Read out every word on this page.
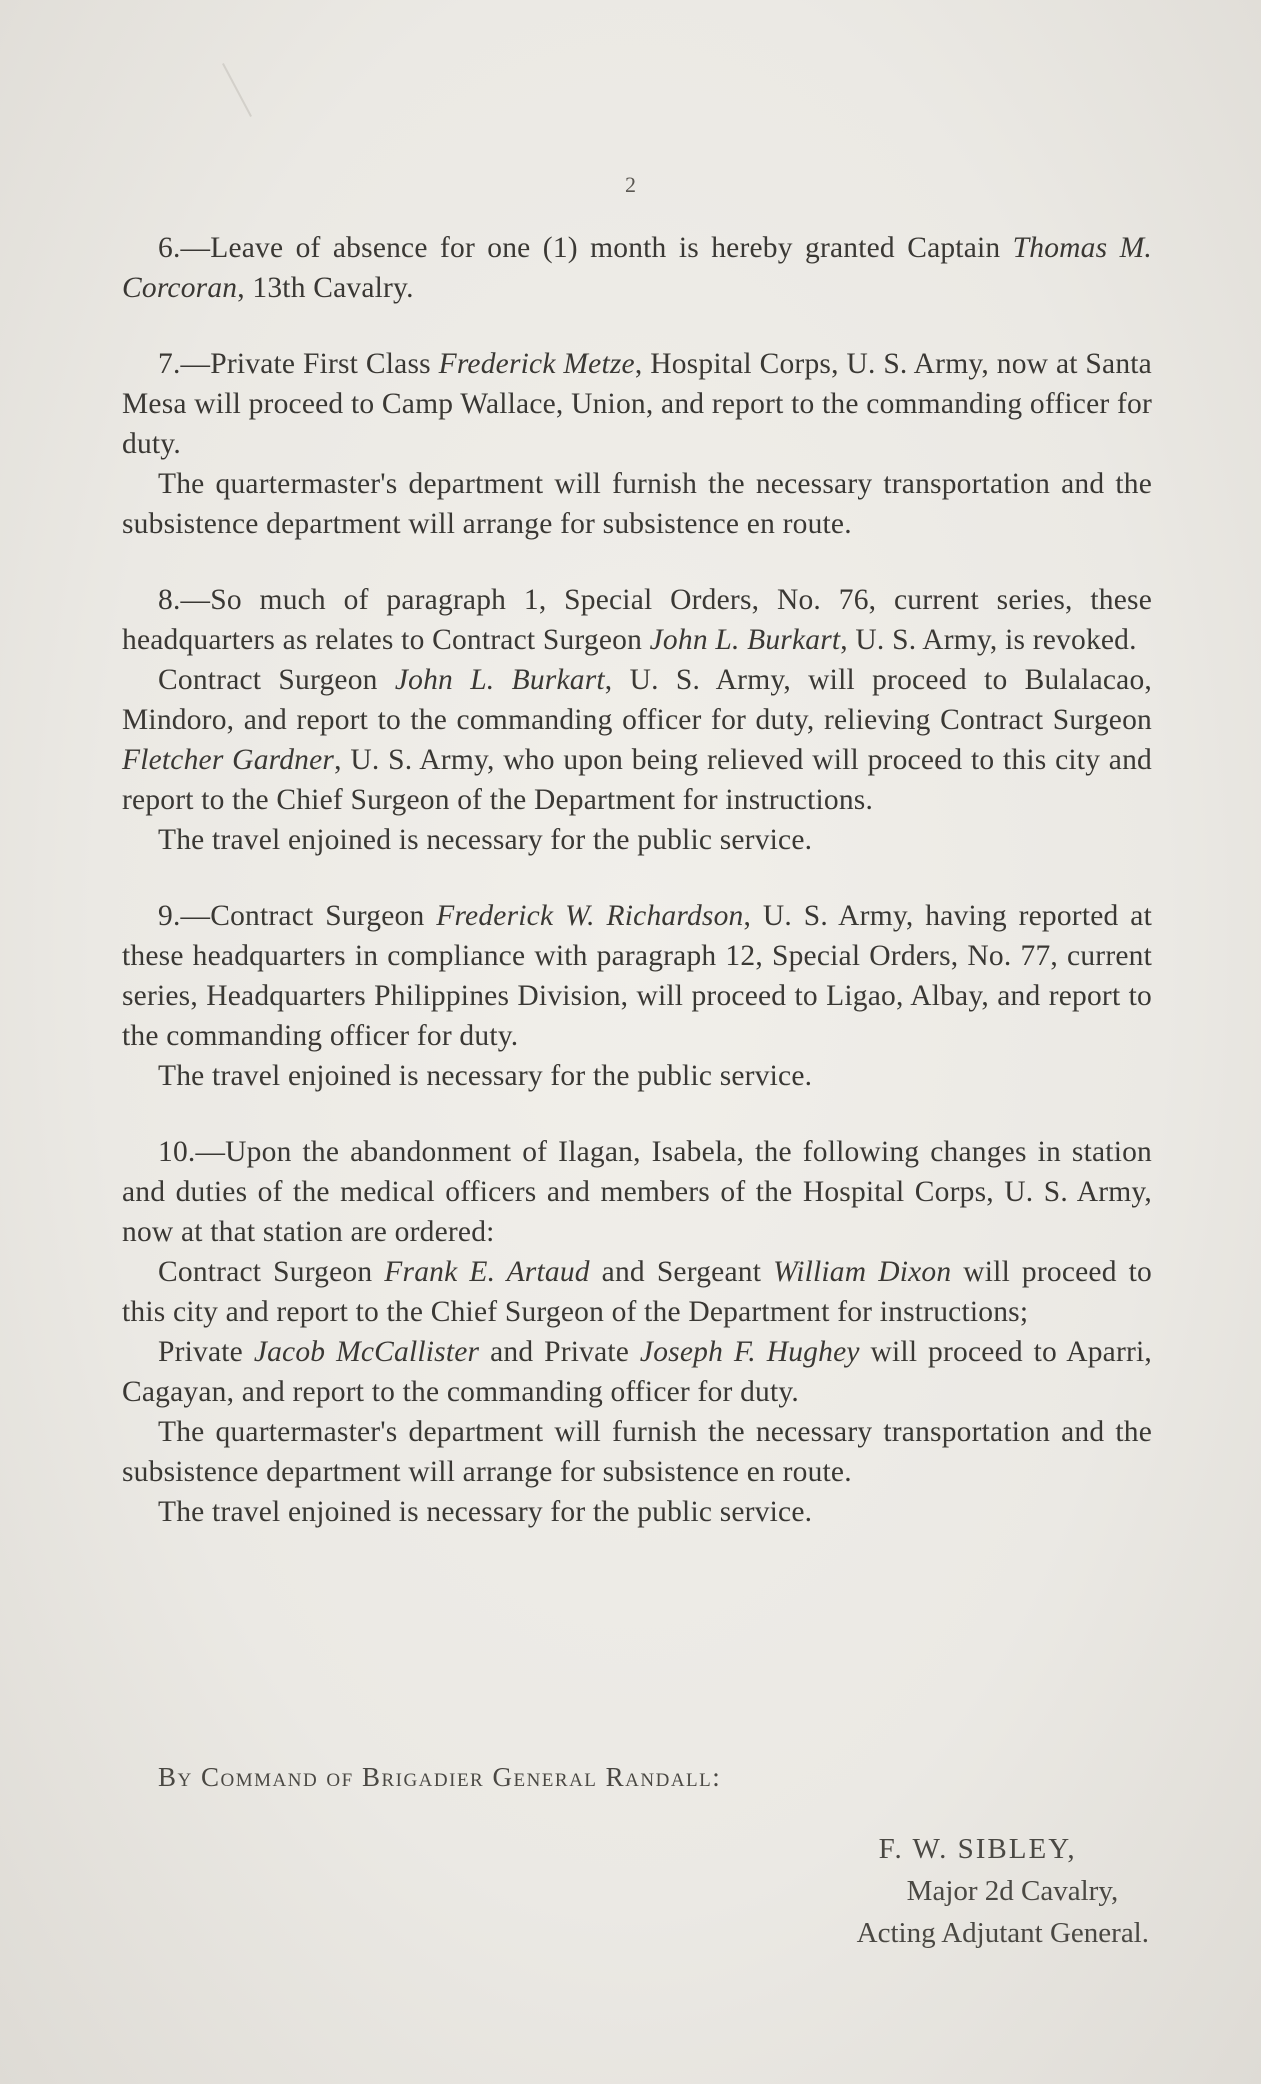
2

6.—Leave of absence for one (1) month is hereby granted Captain Thomas M. Corcoran, 13th Cavalry.

7.—Private First Class Frederick Metze, Hospital Corps, U. S. Army, now at Santa Mesa will proceed to Camp Wallace, Union, and report to the commanding officer for duty.

The quartermaster's department will furnish the necessary transportation and the subsistence department will arrange for subsistence en route.

8.—So much of paragraph 1, Special Orders, No. 76, current series, these headquarters as relates to Contract Surgeon John L. Burkart, U. S. Army, is revoked.

Contract Surgeon John L. Burkart, U. S. Army, will proceed to Bulalacao, Mindoro, and report to the commanding officer for duty, relieving Contract Surgeon Fletcher Gardner, U. S. Army, who upon being relieved will proceed to this city and report to the Chief Surgeon of the Department for instructions.

The travel enjoined is necessary for the public service.

9.—Contract Surgeon Frederick W. Richardson, U. S. Army, having reported at these headquarters in compliance with paragraph 12, Special Orders, No. 77, current series, Headquarters Philippines Division, will proceed to Ligao, Albay, and report to the commanding officer for duty.

The travel enjoined is necessary for the public service.

10.—Upon the abandonment of Ilagan, Isabela, the following changes in station and duties of the medical officers and members of the Hospital Corps, U. S. Army, now at that station are ordered:

Contract Surgeon Frank E. Artaud and Sergeant William Dixon will proceed to this city and report to the Chief Surgeon of the Department for instructions;

Private Jacob McCallister and Private Joseph F. Hughey will proceed to Aparri, Cagayan, and report to the commanding officer for duty.

The quartermaster's department will furnish the necessary transportation and the subsistence department will arrange for subsistence en route.

The travel enjoined is necessary for the public service.

By Command of Brigadier General Randall:
F. W. SIBLEY,
Major 2d Cavalry,
Acting Adjutant General.
